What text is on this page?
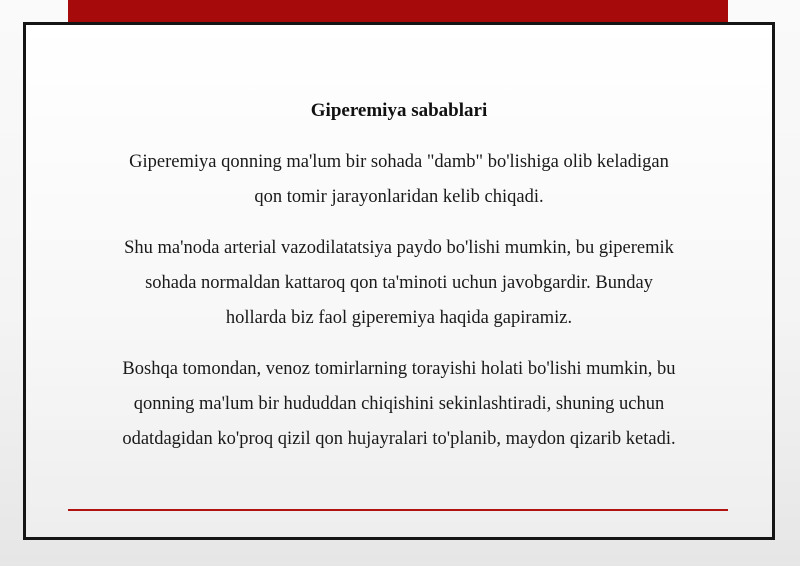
Giperemiya sabablari

Giperemiya qonning ma'lum bir sohada "damb" bo'lishiga olib keladigan
qon tomir jarayonlaridan kelib chiqadi.

Shu ma'noda arterial vazodilatatsiya paydo bo'lishi mumkin, bu giperemik
sohada normaldan kattaroq qon ta'minoti uchun javobgardir. Bunday
hollarda biz faol giperemiya haqida gapiramiz.

Boshqa tomondan, venoz tomirlarning torayishi holati bo'lishi mumkin, bu
qonning ma'lum bir hududdan chiqishini sekinlashtiradi, shuning uchun
odatdagidan ko'proq qizil qon hujayralari to'planib, maydon qizarib ketadi.
